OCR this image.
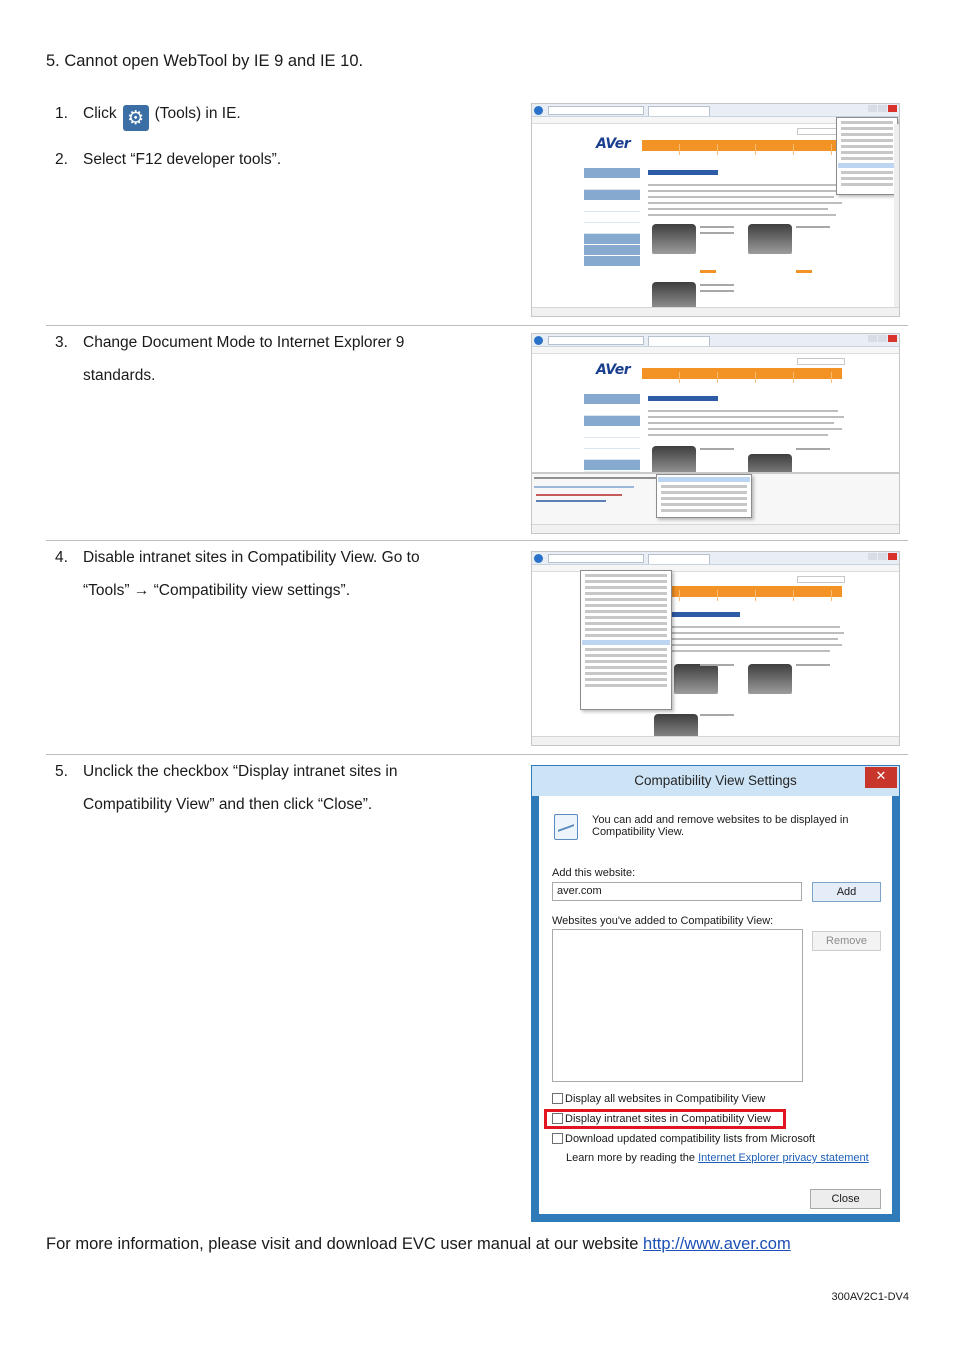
5. Cannot open WebTool by IE 9 and IE 10.
1. Click ⚙ (Tools) in IE.
2. Select “F12 developer tools”.
AVer
3. Change Document Mode to Internet Explorer 9
standards.	AVer
4. Disable intranet sites in Compatibility View. Go to
“Tools” → “Compatibility view settings”.
5. Unclick the checkbox “Display intranet sites in
Compatibility View” and then click “Close”.
Compatibility View Settings	✕
You can add and remove websites to be displayed in Compatibility View.
Add this website:
aver.com	Add
Websites you've added to Compatibility View:
Remove
Display all websites in Compatibility View
Display intranet sites in Compatibility View
Download updated compatibility lists from Microsoft
Learn more by reading the Internet Explorer privacy statement
Close
For more information, please visit and download EVC user manual at our website http://www.aver.com
300AV2C1-DV4
